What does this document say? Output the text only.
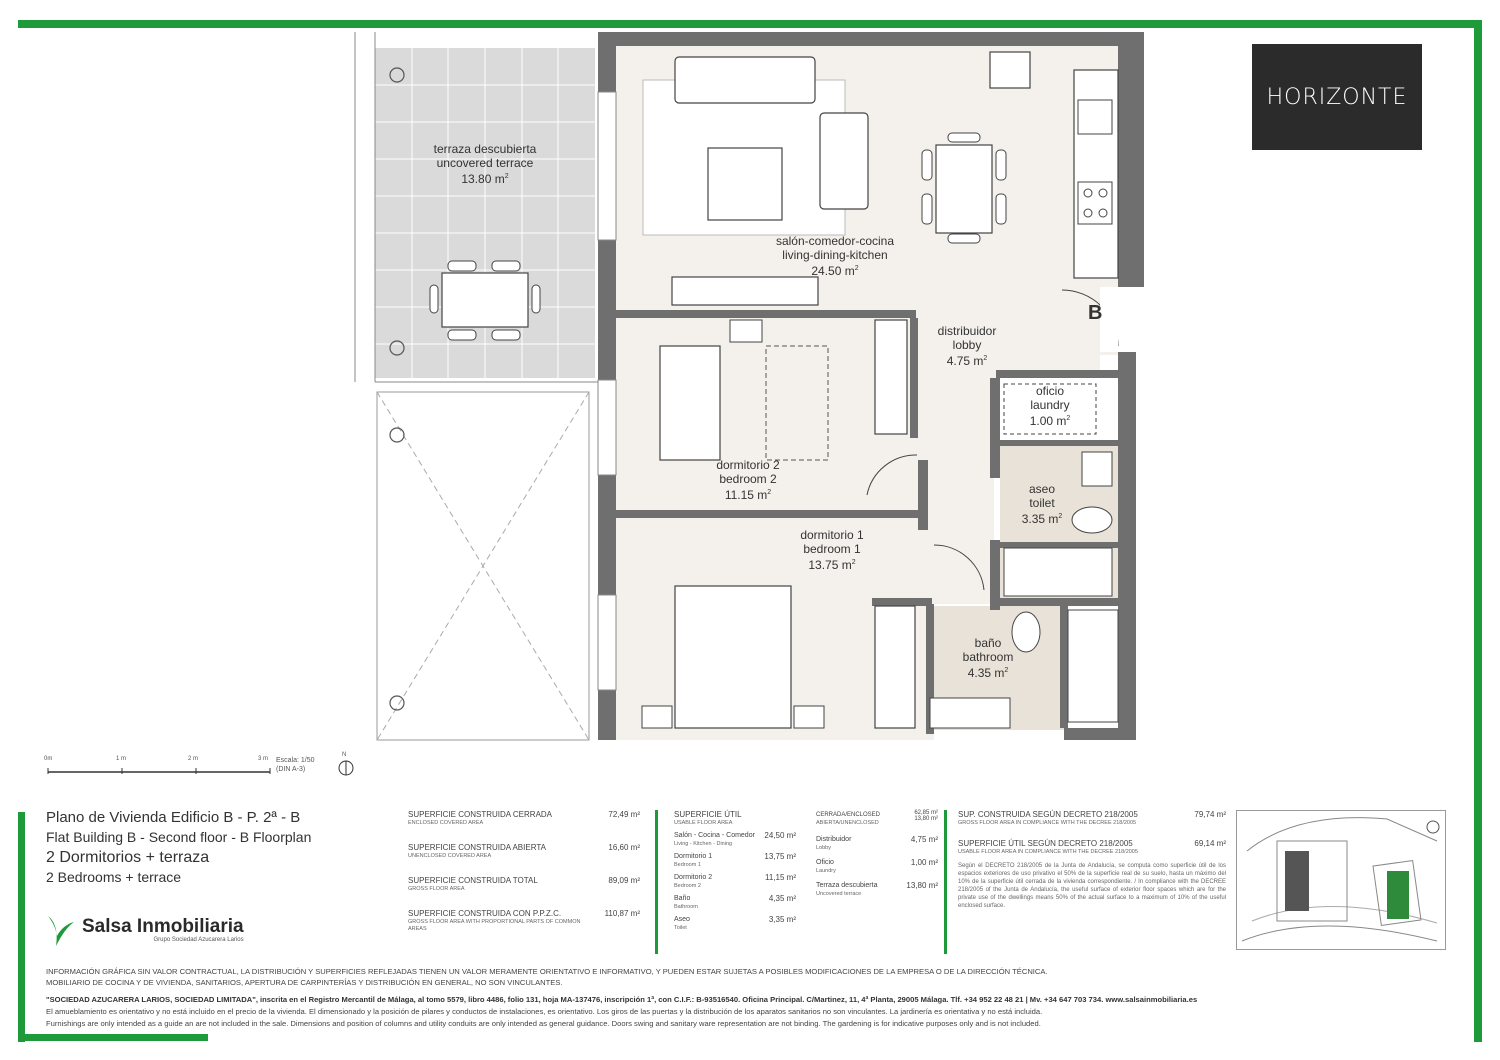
HORIZONTE
terraza descubierta
uncovered terrace
13.80 $m^2$
salón-comedor-cocina
living-dining-kitchen
24.50 $m^2$
distribuidor
lobby
4.75 $m^2$
oficio
laundry
1.00 $m^2$
dormitorio 2
bedroom 2
11.15 $m^2$	aseo
toilet
3.35 $m^2$
dormitorio 1
bedroom 1
13.75 $m^2$
baño
bathroom
4.35 $m^2$
B
0m	1 m	2 m	3 m Escala: 1/50
(DIN A-3)
N
Plano de Vivienda Edificio B - P. 2ª - B
Flat Building B - Second floor - B Floorplan
2 Dormitorios + terraza
2 Bedrooms + terrace
Salsa Inmobiliaria
Grupo Sociedad Azucarera Larios
SUPERFICIE CONSTRUIDA CERRADA
ENCLOSED COVERED AREA
72,49 m²
SUPERFICIE CONSTRUIDA ABIERTA
UNENCLOSED COVERED AREA
16,60 m²
SUPERFICIE CONSTRUIDA TOTAL
GROSS FLOOR AREA
89,09 m²
SUPERFICIE CONSTRUIDA CON P.P.Z.C.
GROSS FLOOR AREA WITH PROPORTIONAL PARTS OF COMMON AREAS
110,87 m²
SUPERFICIE ÚTIL
USABLE FLOOR AREA
Salón - Cocina - Comedor
Living - Kitchen - Dining
24,50 m²
Dormitorio 1
Bedroom 1
13,75 m²
Dormitorio 2
Bedroom 2
11,15 m²
Baño
Bathroom
4,35 m²
Aseo
Toilet
3,35 m²
CERRADA/ENCLOSED
ABIERTA/UNENCLOSED
62,85 m²
13,80 m²
Distribuidor
Lobby
4,75 m²
Oficio
Laundry
1,00 m²
Terraza descubierta
Uncovered terrace
13,80 m²
SUP. CONSTRUIDA SEGÚN DECRETO 218/2005
GROSS FLOOR AREA IN COMPLIANCE WITH THE DECREE 218/2005
79,74 m²
SUPERFICIE ÚTIL SEGÚN DECRETO 218/2005
USABLE FLOOR AREA IN COMPLIANCE WITH THE DECREE 218/2005
69,14 m²
Según el DECRETO 218/2005 de la Junta de Andalucía, se computa como superficie útil de los espacios exteriores de uso privativo el 50% de la superficie real de su suelo, hasta un máximo del 10% de la superficie útil cerrada de la vivienda correspondiente. / In compliance with the DECREE 218/2005 of the Junta de Andalucía, the useful surface of exterior floor spaces which are for the private use of the dwellings means 50% of the actual surface to a maximum of 10% of the useful enclosed surface.
INFORMACIÓN GRÁFICA SIN VALOR CONTRACTUAL, LA DISTRIBUCIÓN Y SUPERFICIES REFLEJADAS TIENEN UN VALOR MERAMENTE ORIENTATIVO E INFORMATIVO, Y PUEDEN ESTAR SUJETAS A POSIBLES MODIFICACIONES DE LA EMPRESA O DE LA DIRECCIÓN TÉCNICA.
MOBILIARIO DE COCINA Y DE VIVIENDA, SANITARIOS, APERTURA DE CARPINTERÍAS Y DISTRIBUCIÓN EN GENERAL, NO SON VINCULANTES.
"SOCIEDAD AZUCARERA LARIOS, SOCIEDAD LIMITADA", inscrita en el Registro Mercantil de Málaga, al tomo 5579, libro 4486, folio 131, hoja MA-137476, inscripción 1ª, con C.I.F.: B-93516540. Oficina Principal. C/Martinez, 11, 4ª Planta, 29005 Málaga. Tlf. +34 952 22 48 21 | Mv. +34 647 703 734. www.salsainmobiliaria.es
El amueblamiento es orientativo y no está incluido en el precio de la vivienda. El dimensionado y la posición de pilares y conductos de instalaciones, es orientativo. Los giros de las puertas y la distribución de los aparatos sanitarios no son vinculantes. La jardinería es orientativa y no está incluida.
Furnishings are only intended as a guide an are not included in the sale. Dimensions and position of columns and utility conduits are only intended as general guidance. Doors swing and sanitary ware representation are not binding. The gardening is for indicative purposes only and is not included.
